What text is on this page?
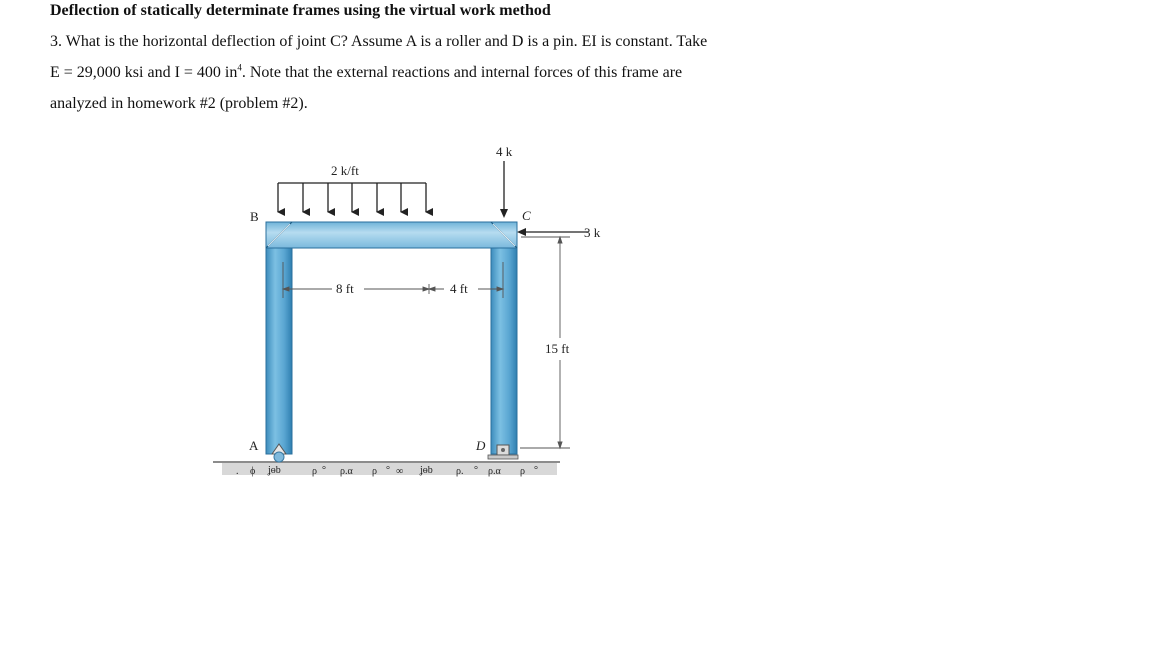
Deflection of statically determinate frames using the virtual work method

3. What is the horizontal deflection of joint C? Assume A is a roller and D is a pin. EI is constant. Take

E = 29,000 ksi and I = 400 $in^4$. Note that the external reactions and internal forces of this frame are

analyzed in homework #2 (problem #2).

. ϕ ʝɵb	ρ ° ρ.α ρ ° ∞ ʝɵb ρ. ° ρ.α ρ °
2 k/ft
4 k
3 k
B	C
A	D
8 ft	4 ft
15 ft
